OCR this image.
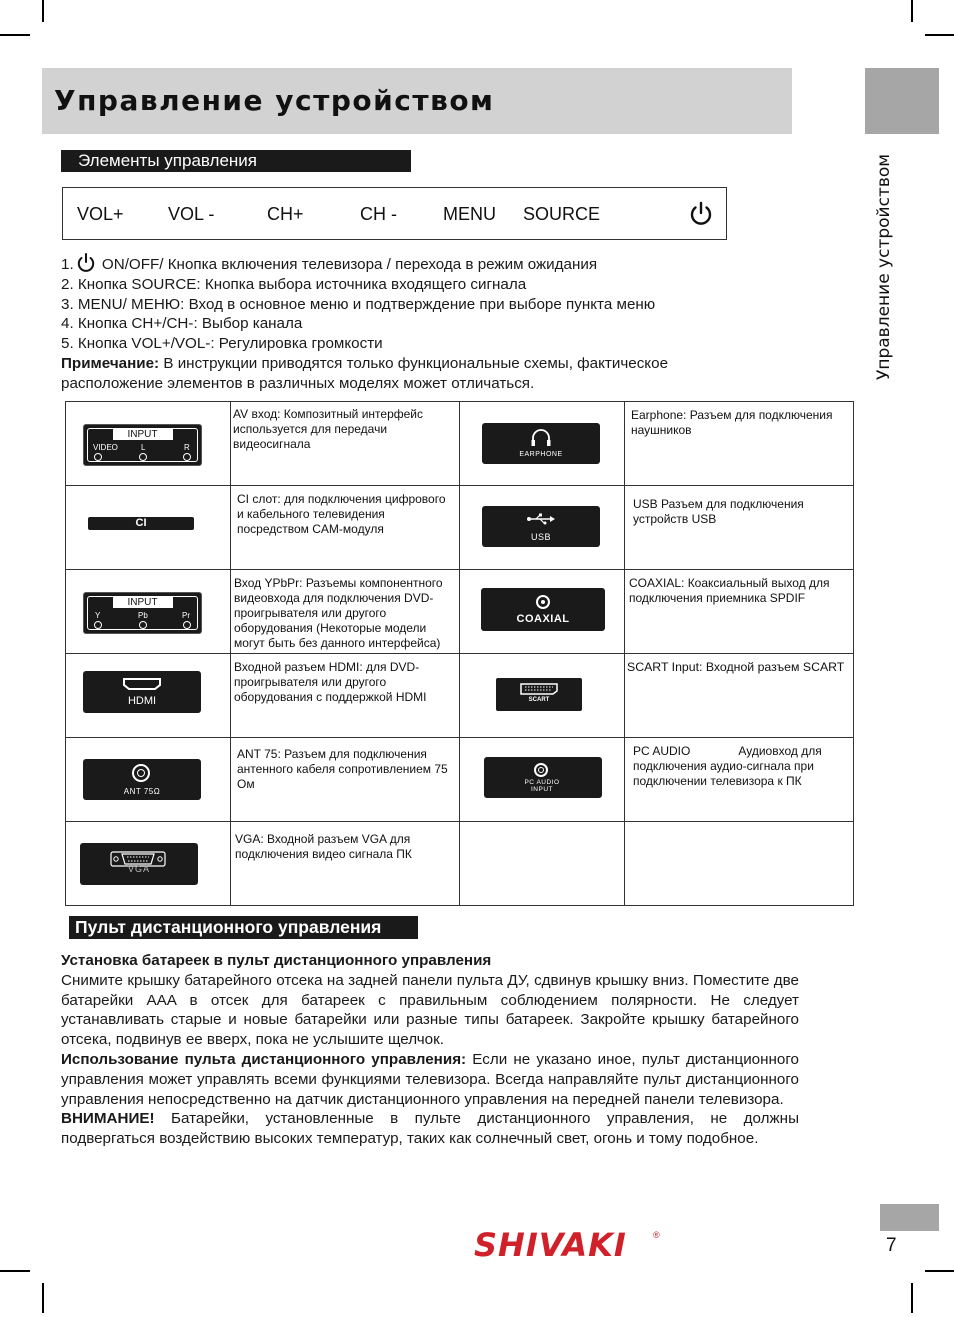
Управление устройством
Управление устройством
Элементы управления
VOL+ VOL -	CH+	CH -	MENU SOURCE
1. ON/OFF/ Кнопка включения телевизора / перехода в режим ожидания
2. Кнопка SOURCE: Кнопка выбора источника входящего сигнала
3. MENU/ МЕНЮ: Вход в основное меню и подтверждение при выборе пункта меню
4. Кнопка CH+/CH-: Выбор канала
5. Кнопка VOL+/VOL-: Регулировка громкости
Примечание: В инструкции приводятся только функциональные схемы, фактическое
расположение элементов в различных моделях может отличаться.
INPUT
VIDEO L R	AV вход: Композитный интерфейс используется для передачи видеосигнала	EARPHONE	Earphone: Разъем для подключения наушников

CI	CI слот: для подключения цифрового и кабельного телевидения посредством CAM-модуля	USB	USB Разъем для подключения устройств USB

INPUT
Y Pb Pr	Вход YPbPr: Разъемы компонентного видеовхода для подключения DVD-проигрывателя или другого оборудования (Некоторые модели могут быть без данного интерфейса)	COAXIAL	COAXIAL: Коаксиальный выход для подключения приемника SPDIF

HDMI	Входной разъем HDMI: для DVD-проигрывателя или другого оборудования с поддержкой HDMI	SCART	SCART Input: Входной разъем SCART

ANT 75Ω	ANT 75: Разъем для подключения антенного кабеля сопротивлением 75 Ом	PC AUDIO INPUT	PC AUDIO Аудиовход для подключения аудио-сигнала при подключении телевизора к ПК

VGA	VGA: Входной разъем VGA для подключения видео сигнала ПК		

Пульт дистанционного управления

Установка батареек в пульт дистанционного управления

Снимите крышку батарейного отсека на задней панели пульта ДУ, сдвинув крышку вниз. Поместите две батарейки AAA в отсек для батареек с правильным соблюдением полярности. Не следует устанавливать старые и новые батарейки или разные типы батареек. Закройте крышку батарейного отсека, подвинув ее вверх, пока не услышите щелчок.

Использование пульта дистанционного управления: Если не указано иное, пульт дистанционного управления может управлять всеми функциями телевизора. Всегда направляйте пульт дистанционного управления непосредственно на датчик дистанционного управления на передней панели телевизора.

ВНИМАНИЕ! Батарейки, установленные в пульте дистанционного управления, не должны подвергаться воздействию высоких температур, таких как солнечный свет, огонь и тому подобное.

SHIVAKI	®	7
